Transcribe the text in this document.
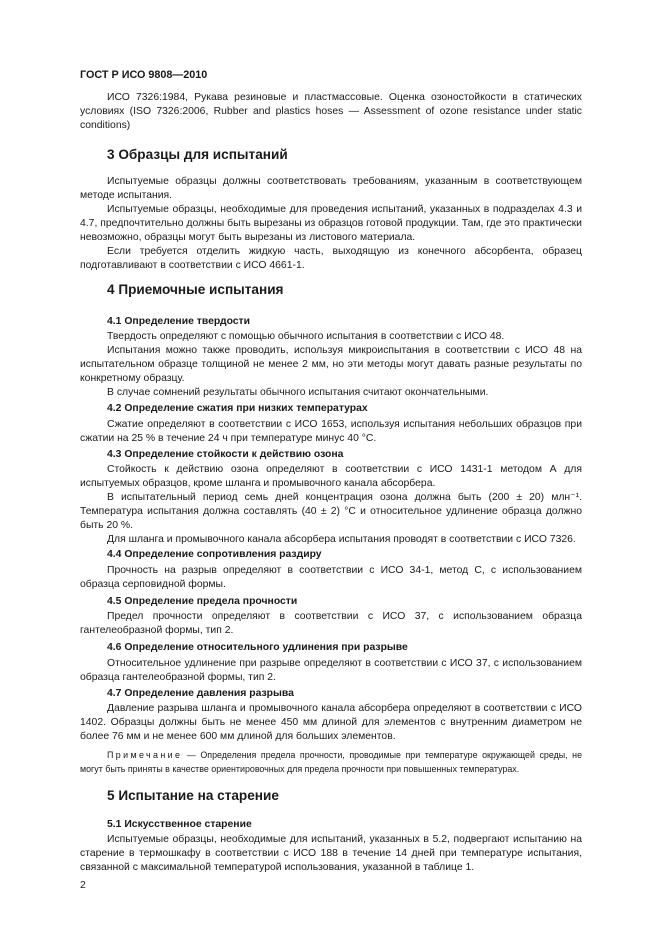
ГОСТ Р ИСО 9808—2010

ИСО 7326:1984, Рукава резиновые и пластмассовые. Оценка озоностойкости в статических условиях (ISO 7326:2006, Rubber and plastics hoses — Assessment of ozone resistance under static conditions)

3 Образцы для испытаний

Испытуемые образцы должны соответствовать требованиям, указанным в соответствующем методе испытания.

Испытуемые образцы, необходимые для проведения испытаний, указанных в подразделах 4.3 и 4.7, предпочтительно должны быть вырезаны из образцов готовой продукции. Там, где это практически невозможно, образцы могут быть вырезаны из листового материала.

Если требуется отделить жидкую часть, выходящую из конечного абсорбента, образец подготавливают в соответствии с ИСО 4661-1.

4 Приемочные испытания
4.1 Определение твердости

Твердость определяют с помощью обычного испытания в соответствии с ИСО 48.

Испытания можно также проводить, используя микроиспытания в соответствии с ИСО 48 на испытательном образце толщиной не менее 2 мм, но эти методы могут давать разные результаты по конкретному образцу.

В случае сомнений результаты обычного испытания считают окончательными.

4.2 Определение сжатия при низких температурах

Сжатие определяют в соответствии с ИСО 1653, используя испытания небольших образцов при сжатии на 25 % в течение 24 ч при температуре минус 40 °С.

4.3 Определение стойкости к действию озона

Стойкость к действию озона определяют в соответствии с ИСО 1431-1 методом А для испытуемых образцов, кроме шланга и промывочного канала абсорбера.

В испытательный период семь дней концентрация озона должна быть (200 ± 20) млн⁻¹. Температура испытания должна составлять (40 ± 2) °С и относительное удлинение образца должно быть 20 %.

Для шланга и промывочного канала абсорбера испытания проводят в соответствии с ИСО 7326.

4.4 Определение сопротивления раздиру

Прочность на разрыв определяют в соответствии с ИСО 34-1, метод С, с использованием образца серповидной формы.

4.5 Определение предела прочности

Предел прочности определяют в соответствии с ИСО 37, с использованием образца гантелеобразной формы, тип 2.

4.6 Определение относительного удлинения при разрыве

Относительное удлинение при разрыве определяют в соответствии с ИСО 37, с использованием образца гантелеобразной формы, тип 2.

4.7 Определение давления разрыва

Давление разрыва шланга и промывочного канала абсорбера определяют в соответствии с ИСО 1402. Образцы должны быть не менее 450 мм длиной для элементов с внутренним диаметром не более 76 мм и не менее 600 мм длиной для больших элементов.

Примечание — Определения предела прочности, проводимые при температуре окружающей среды, не могут быть приняты в качестве ориентировочных для предела прочности при повышенных температурах.

5 Испытание на старение
5.1 Искусственное старение

Испытуемые образцы, необходимые для испытаний, указанных в 5.2, подвергают испытанию на старение в термошкафу в соответствии с ИСО 188 в течение 14 дней при температуре испытания, связанной с максимальной температурой использования, указанной в таблице 1.

2
